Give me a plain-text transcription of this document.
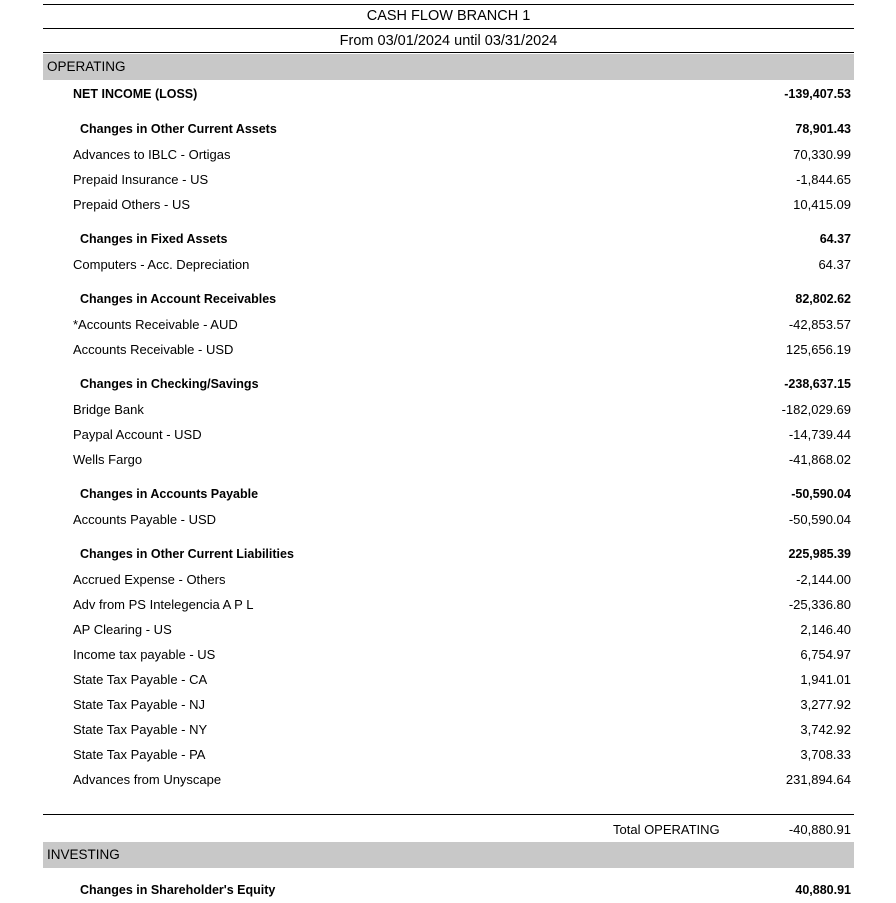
CASH FLOW BRANCH 1
From 03/01/2024 until 03/31/2024
OPERATING
NET INCOME (LOSS)	-139,407.53
Changes in Other Current Assets	78,901.43
Advances to IBLC - Ortigas	70,330.99
Prepaid Insurance - US	-1,844.65
Prepaid Others - US	10,415.09
Changes in Fixed Assets	64.37
Computers - Acc. Depreciation	64.37
Changes in Account Receivables	82,802.62
*Accounts Receivable - AUD	-42,853.57
Accounts Receivable - USD	125,656.19
Changes in Checking/Savings	-238,637.15
Bridge Bank	-182,029.69
Paypal Account - USD	-14,739.44
Wells Fargo	-41,868.02
Changes in Accounts Payable	-50,590.04
Accounts Payable - USD	-50,590.04
Changes in Other Current Liabilities	225,985.39
Accrued Expense - Others	-2,144.00
Adv from PS Intelegencia A P L	-25,336.80
AP Clearing - US	2,146.40
Income tax payable - US	6,754.97
State Tax Payable - CA	1,941.01
State Tax Payable - NJ	3,277.92
State Tax Payable - NY	3,742.92
State Tax Payable - PA	3,708.33
Advances from Unyscape	231,894.64
Total OPERATING	-40,880.91
INVESTING
Changes in Shareholder's Equity	40,880.91
